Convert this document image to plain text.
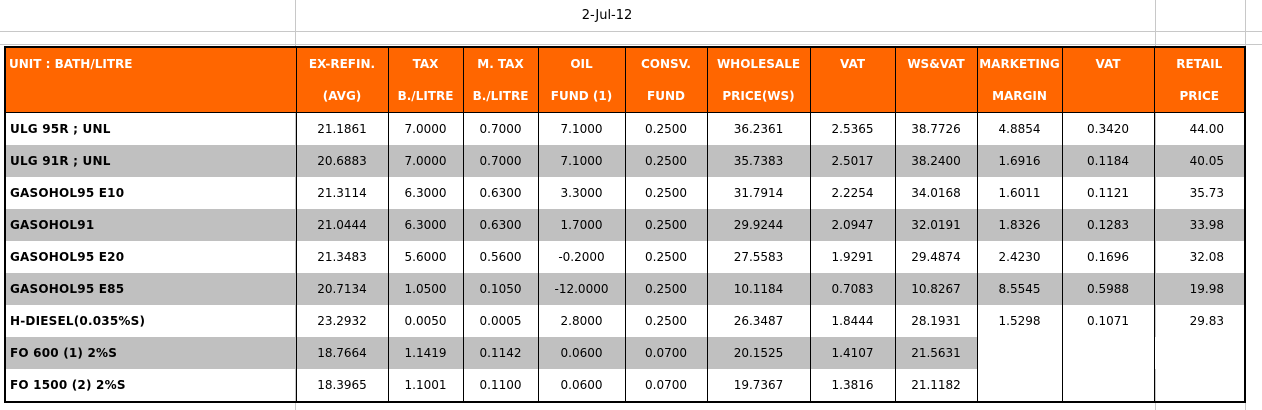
2-Jul-12
UNIT : BATH/LITRE	EX-REFIN.	TAX	M. TAX	OIL	CONSV.	WHOLESALE	VAT	WS&VAT	MARKETING	VAT	RETAIL
	(AVG)	B./LITRE	B./LITRE	FUND (1)	FUND	PRICE(WS)			MARGIN		PRICE
ULG 95R ; UNL	21.1861	7.0000	0.7000	7.1000	0.2500	36.2361	2.5365	38.7726	4.8854	0.3420	44.00
ULG 91R ; UNL	20.6883	7.0000	0.7000	7.1000	0.2500	35.7383	2.5017	38.2400	1.6916	0.1184	40.05
GASOHOL95 E10	21.3114	6.3000	0.6300	3.3000	0.2500	31.7914	2.2254	34.0168	1.6011	0.1121	35.73
GASOHOL91	21.0444	6.3000	0.6300	1.7000	0.2500	29.9244	2.0947	32.0191	1.8326	0.1283	33.98
GASOHOL95 E20	21.3483	5.6000	0.5600	-0.2000	0.2500	27.5583	1.9291	29.4874	2.4230	0.1696	32.08
GASOHOL95 E85	20.7134	1.0500	0.1050	-12.0000	0.2500	10.1184	0.7083	10.8267	8.5545	0.5988	19.98
H-DIESEL(0.035%S)	23.2932	0.0050	0.0005	2.8000	0.2500	26.3487	1.8444	28.1931	1.5298	0.1071	29.83
FO 600 (1) 2%S	18.7664	1.1419	0.1142	0.0600	0.0700	20.1525	1.4107	21.5631			
FO 1500 (2) 2%S	18.3965	1.1001	0.1100	0.0600	0.0700	19.7367	1.3816	21.1182			
